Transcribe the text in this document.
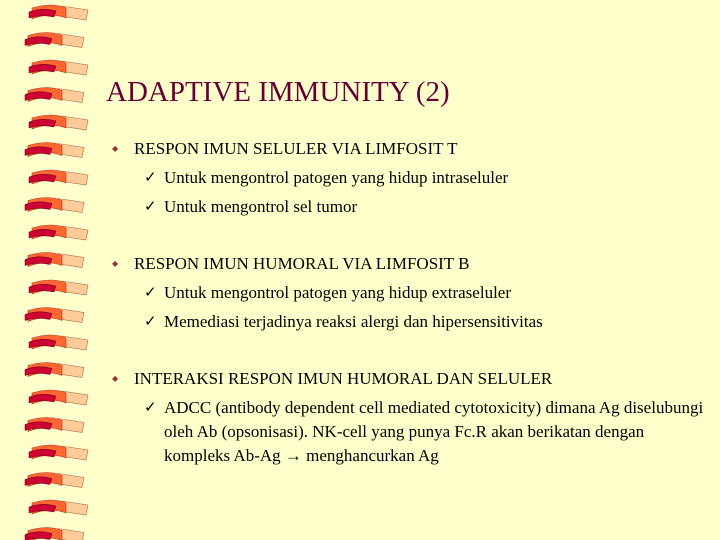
ADAPTIVE IMMUNITY (2)
◆ RESPON IMUN SELULER VIA LIMFOSIT T
✓ Untuk mengontrol patogen yang hidup intraseluler
✓ Untuk mengontrol sel tumor
◆ RESPON IMUN HUMORAL VIA LIMFOSIT B
✓ Untuk mengontrol patogen yang hidup extraseluler
✓ Memediasi terjadinya reaksi alergi dan hipersensitivitas
◆ INTERAKSI RESPON IMUN HUMORAL DAN SELULER
✓ ADCC (antibody dependent cell mediated cytotoxicity) dimana Ag diselubungi oleh Ab (opsonisasi). NK-cell yang punya Fc.R akan berikatan dengan kompleks Ab-Ag → menghancurkan Ag
